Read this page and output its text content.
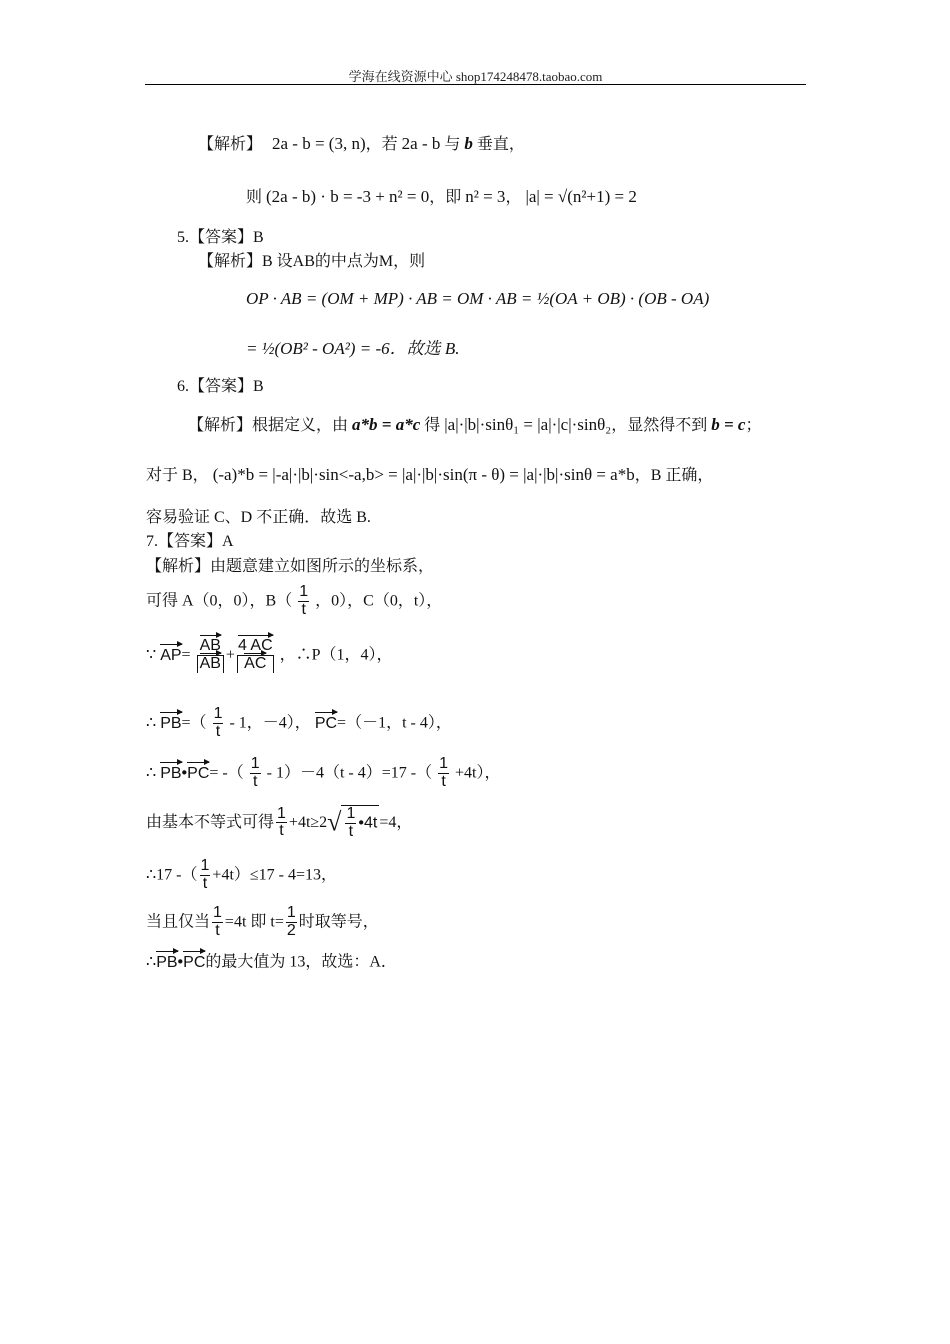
学海在线资源中心 shop174248478.taobao.com
【解析】 2a - b = (3, n)，若 2a - b 与 b 垂直，
则 (2a - b) · b = -3 + n² = 0，即 n² = 3， |a| = √(n²+1) = 2
5.【答案】B
【解析】B 设AB的中点为M，则
OP · AB = (OM + MP) · AB = OM · AB = ½(OA + OB) · (OB - OA)
= ½(OB² - OA²) = -6．故选 B.
6.【答案】B
【解析】根据定义，由 a*b = a*c 得 |a|·|b|·sinθ₁ = |a|·|c|·sinθ₂，显然得不到 b = c；
对于 B， (-a)*b = |-a|·|b|·sin<-a,b> = |a|·|b|·sin(π - θ) = |a|·|b|·sinθ = a*b，B 正确，
容易验证 C、D 不正确．故选 B.
7.【答案】A
【解析】由题意建立如图所示的坐标系，
可得 A（0，0），$B( \frac{1}{t}$ ，0），C（0，t），
∵ $AP= \frac{AB}{AB} + \frac{4 AC}{AC}$ ，∴P（1，4），
∴ $PB=( \frac{1}{t} - 1$，－4）， PC=（－1，t - 4），
∴ PB•PC= -（ $\frac{1}{t} - 1)-4(t - 4)=17$ -（ $\frac{1}{t} +4t$），
由基本不等式可得 $\frac{1}{t} +4t\ge 2√ \frac{1}{t}$ •4t =4，
∴17 -（ $\frac{1}{t} +4t)\le 17 - 4=13$，
当且仅当 $\frac{1}{t} =4t$ 即 $t= \frac{1}{2}$ 时取等号，
∴PB•PC的最大值为 13，故选：A．
